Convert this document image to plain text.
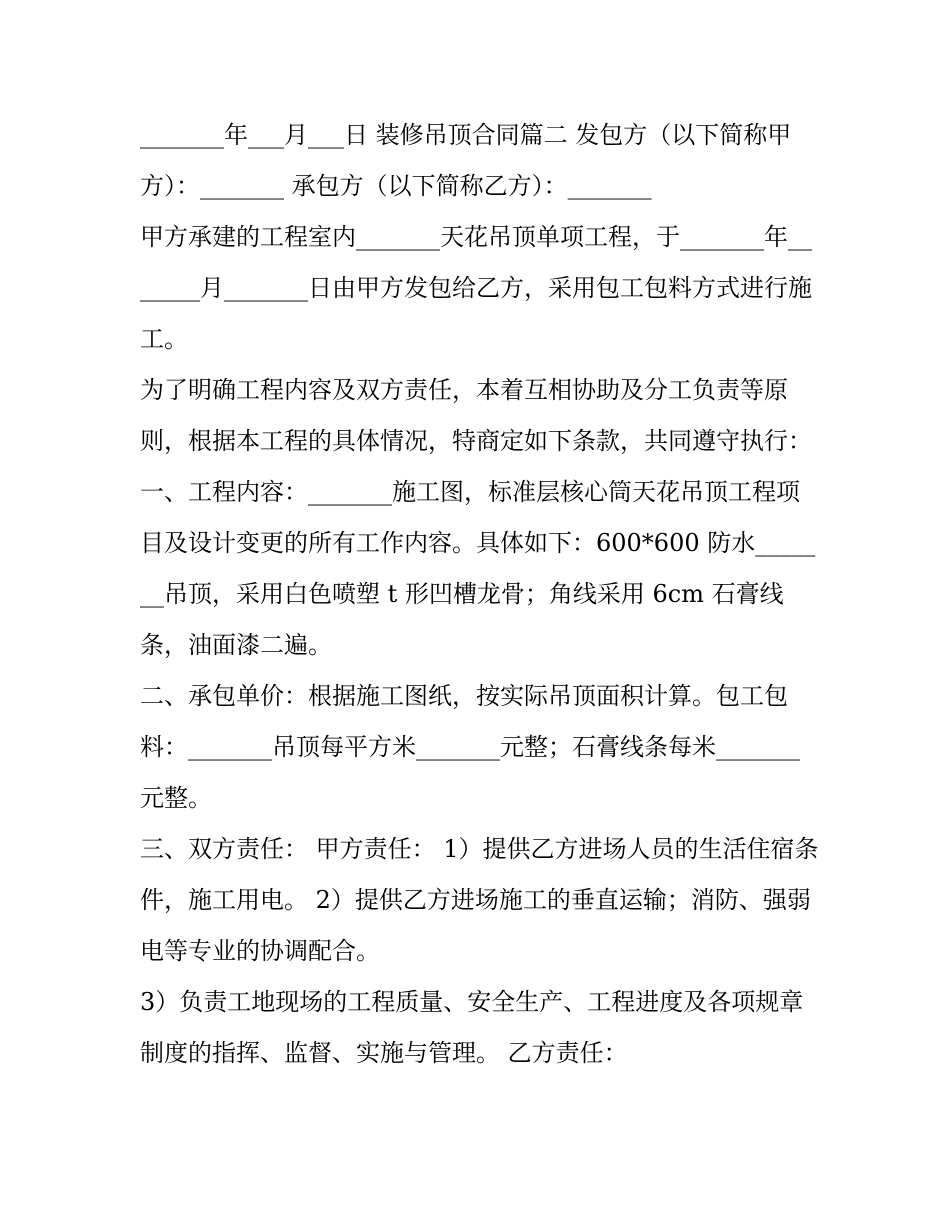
_______年___月___日 装修吊顶合同篇二 发包方（以下简称甲方）：_______ 承包方（以下简称乙方）：_______

甲方承建的工程室内_______天花吊顶单项工程，于_______年_______月_______日由甲方发包给乙方，采用包工包料方式进行施工。

为了明确工程内容及双方责任，本着互相协助及分工负责等原则，根据本工程的具体情况，特商定如下条款，共同遵守执行：

一、工程内容：_______施工图，标准层核心筒天花吊顶工程项目及设计变更的所有工作内容。具体如下：600*600 防水_______吊顶，采用白色喷塑 t 形凹槽龙骨；角线采用 6cm 石膏线条，油面漆二遍。

二、承包单价：根据施工图纸，按实际吊顶面积计算。包工包料：_______吊顶每平方米_______元整；石膏线条每米_______元整。

三、双方责任： 甲方责任： 1）提供乙方进场人员的生活住宿条件，施工用电。 2）提供乙方进场施工的垂直运输；消防、强弱电等专业的协调配合。

3）负责工地现场的工程质量、安全生产、工程进度及各项规章制度的指挥、监督、实施与管理。 乙方责任：
